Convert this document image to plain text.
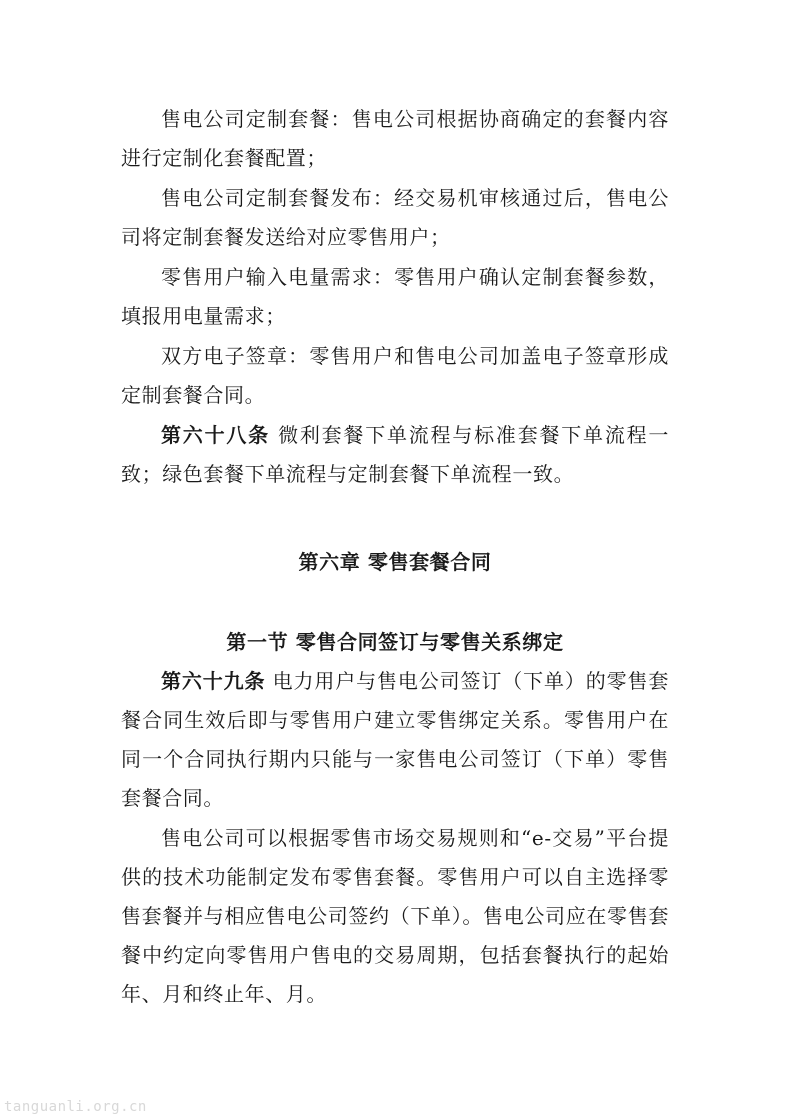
售电公司定制套餐：售电公司根据协商确定的套餐内容进行定制化套餐配置；

售电公司定制套餐发布：经交易机审核通过后，售电公司将定制套餐发送给对应零售用户；

零售用户输入电量需求：零售用户确认定制套餐参数，填报用电量需求；

双方电子签章：零售用户和售电公司加盖电子签章形成定制套餐合同。

第六十八条 微利套餐下单流程与标准套餐下单流程一致；绿色套餐下单流程与定制套餐下单流程一致。

第六章 零售套餐合同

第一节 零售合同签订与零售关系绑定

第六十九条 电力用户与售电公司签订（下单）的零售套餐合同生效后即与零售用户建立零售绑定关系。零售用户在同一个合同执行期内只能与一家售电公司签订（下单）零售套餐合同。

售电公司可以根据零售市场交易规则和“e-交易”平台提供的技术功能制定发布零售套餐。零售用户可以自主选择零售套餐并与相应售电公司签约（下单）。售电公司应在零售套餐中约定向零售用户售电的交易周期，包括套餐执行的起始年、月和终止年、月。

tanguanli.org.cn
